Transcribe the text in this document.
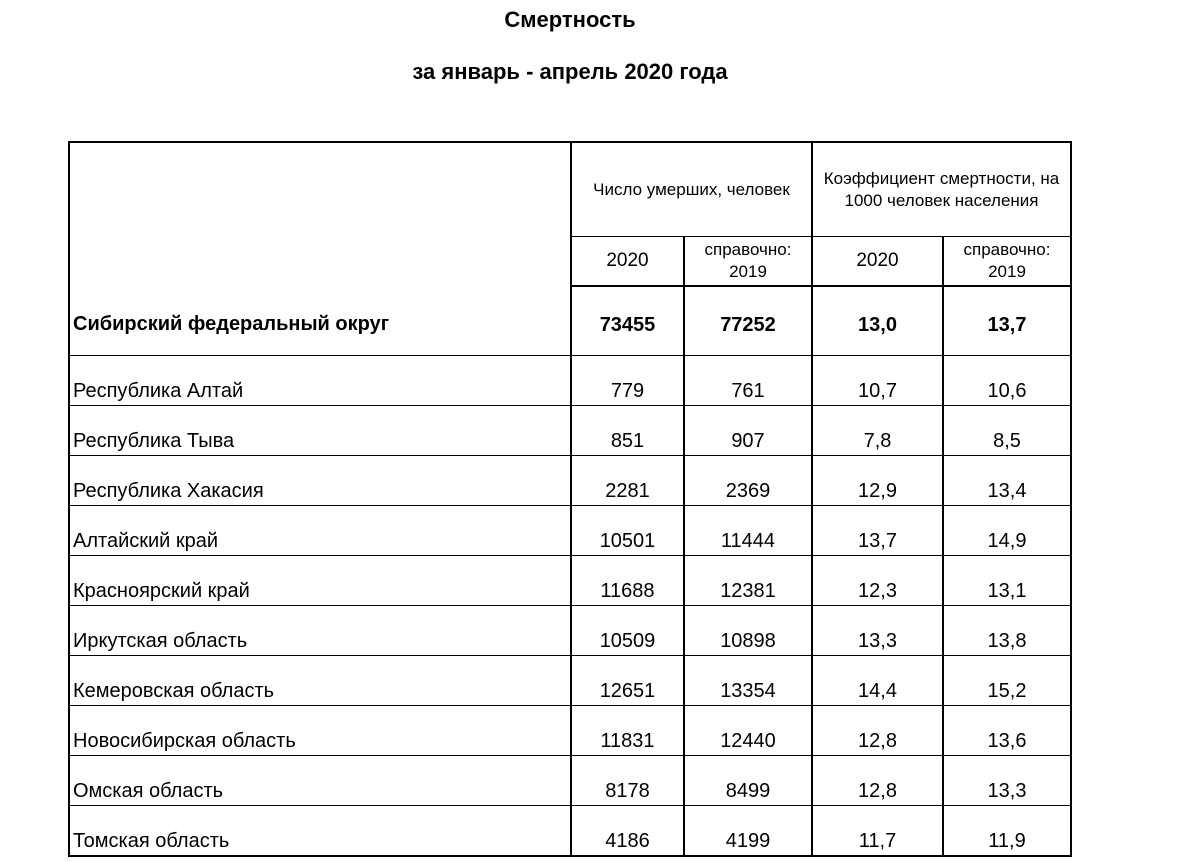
Смертность
за январь - апрель 2020 года
	Число умерших, человек		Коэффициент смертности, на 1000 человек населения	
	2020	справочно: 2019	2020	справочно: 2019
Сибирский федеральный округ	73455	77252	13,0	13,7
Республика Алтай	779	761	10,7	10,6
Республика Тыва	851	907	7,8	8,5
Республика Хакасия	2281	2369	12,9	13,4
Алтайский край	10501	11444	13,7	14,9
Красноярский край	11688	12381	12,3	13,1
Иркутская область	10509	10898	13,3	13,8
Кемеровская область	12651	13354	14,4	15,2
Новосибирская область	11831	12440	12,8	13,6
Омская область	8178	8499	12,8	13,3
Томская область	4186	4199	11,7	11,9
